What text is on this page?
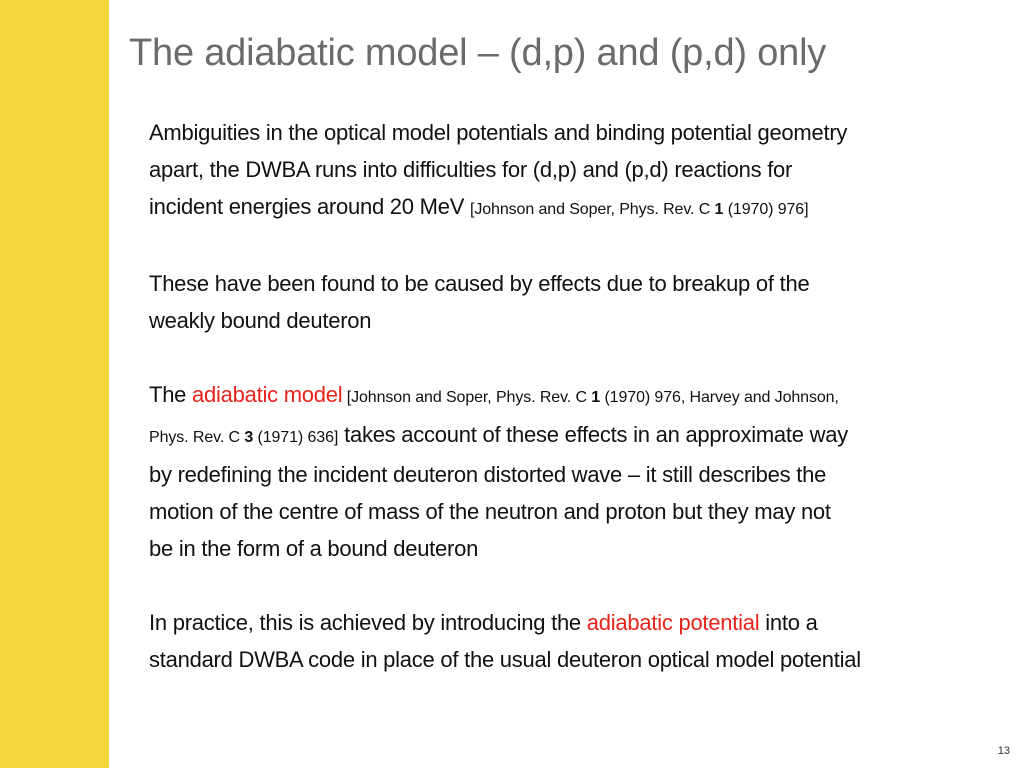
The adiabatic model – (d,p) and (p,d) only

Ambiguities in the optical model potentials and binding potential geometry
apart, the DWBA runs into difficulties for (d,p) and (p,d) reactions for
incident energies around 20 MeV [Johnson and Soper, Phys. Rev. C 1 (1970) 976]

These have been found to be caused by effects due to breakup of the
weakly bound deuteron

The adiabatic model [Johnson and Soper, Phys. Rev. C 1 (1970) 976, Harvey and Johnson,
Phys. Rev. C 3 (1971) 636] takes account of these effects in an approximate way
by redefining the incident deuteron distorted wave – it still describes the
motion of the centre of mass of the neutron and proton but they may not
be in the form of a bound deuteron

In practice, this is achieved by introducing the adiabatic potential into a
standard DWBA code in place of the usual deuteron optical model potential

13
